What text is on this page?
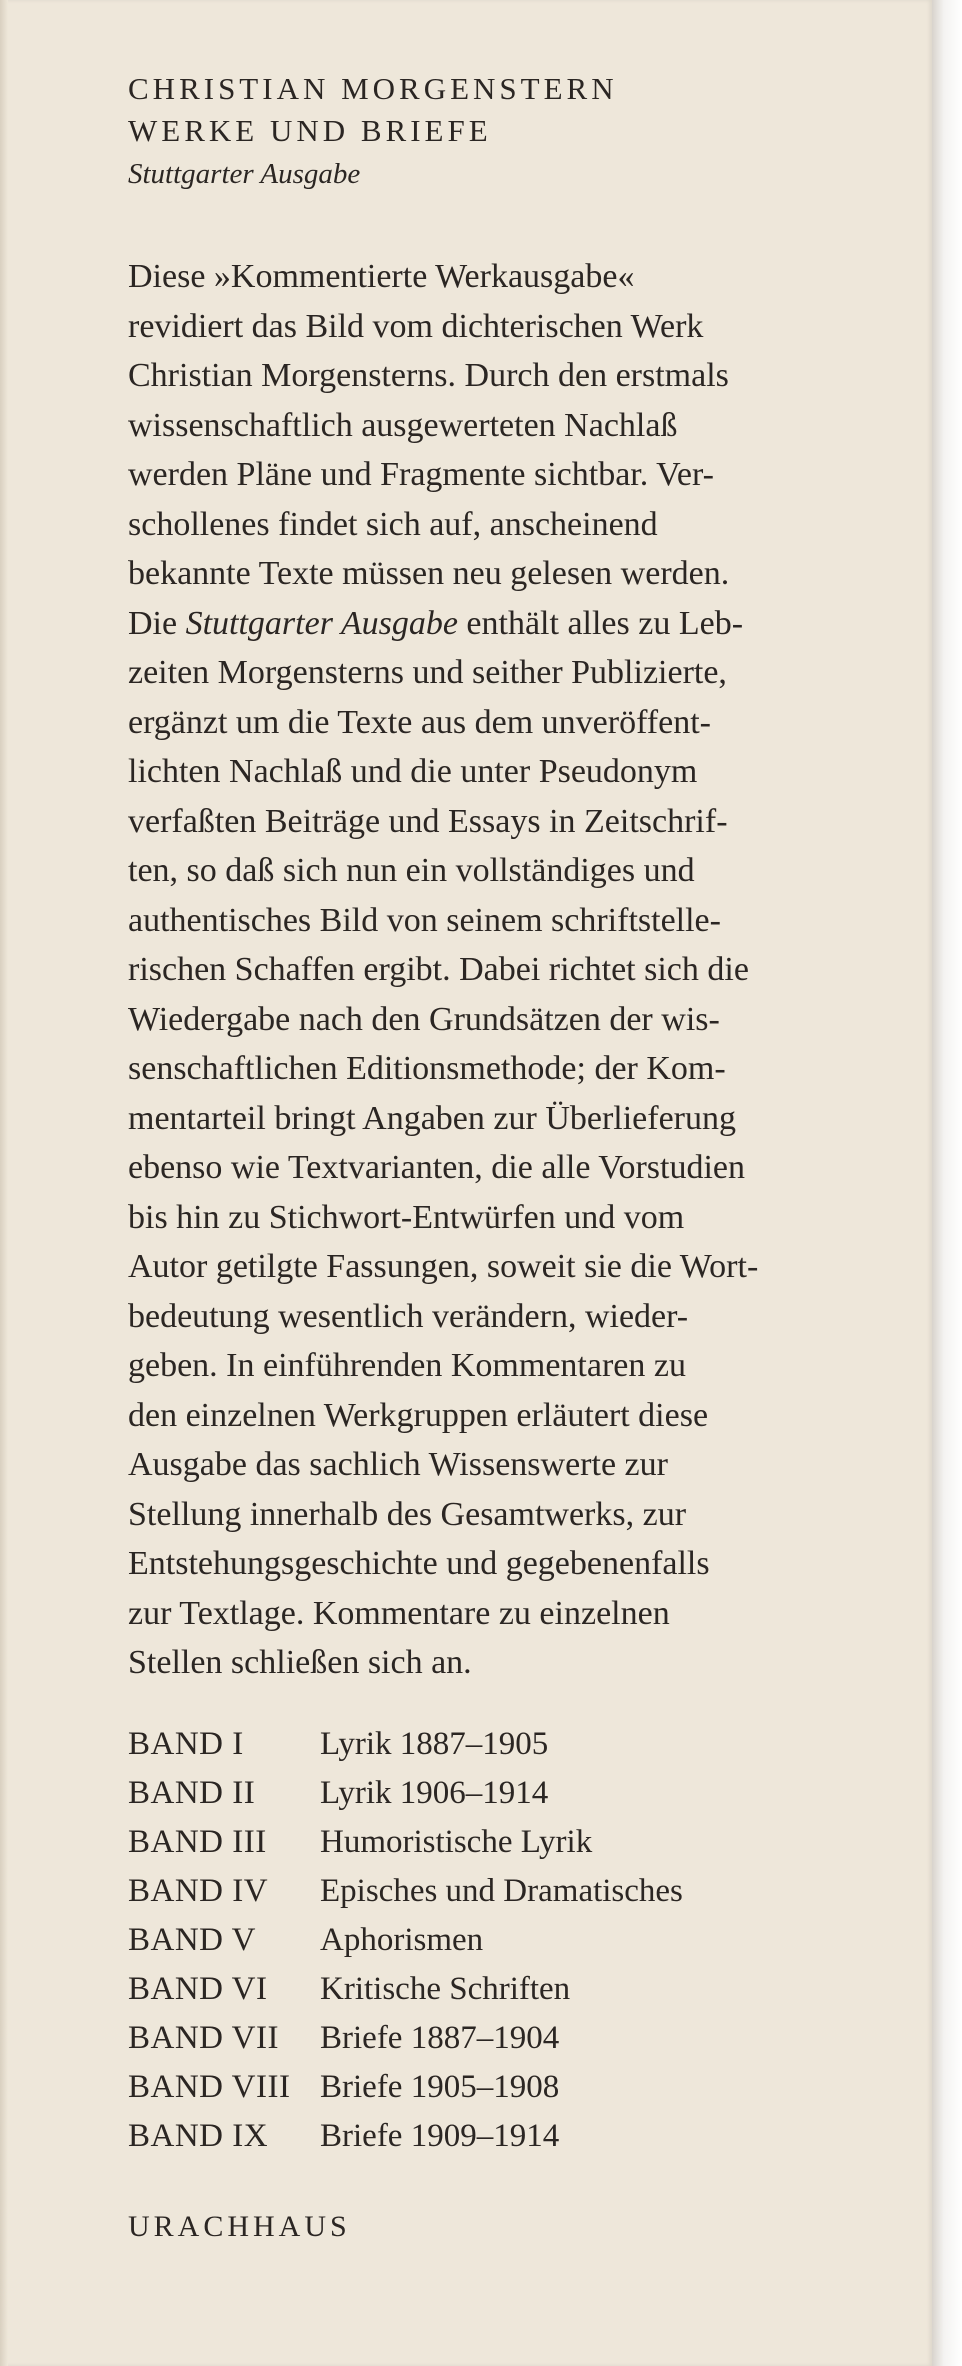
CHRISTIAN MORGENSTERN
WERKE UND BRIEFE
Stuttgarter Ausgabe
Diese »Kommentierte Werkausgabe«
revidiert das Bild vom dichterischen Werk
Christian Morgensterns. Durch den erstmals
wissenschaftlich ausgewerteten Nachlaß
werden Pläne und Fragmente sichtbar. Ver-
schollenes findet sich auf, anscheinend
bekannte Texte müssen neu gelesen werden.
Die Stuttgarter Ausgabe enthält alles zu Leb-
zeiten Morgensterns und seither Publizierte,
ergänzt um die Texte aus dem unveröffent-
lichten Nachlaß und die unter Pseudonym
verfaßten Beiträge und Essays in Zeitschrif-
ten, so daß sich nun ein vollständiges und
authentisches Bild von seinem schriftstelle-
rischen Schaffen ergibt. Dabei richtet sich die
Wiedergabe nach den Grundsätzen der wis-
senschaftlichen Editionsmethode; der Kom-
mentarteil bringt Angaben zur Überlieferung
ebenso wie Textvarianten, die alle Vorstudien
bis hin zu Stichwort-Entwürfen und vom
Autor getilgte Fassungen, soweit sie die Wort-
bedeutung wesentlich verändern, wieder-
geben. In einführenden Kommentaren zu
den einzelnen Werkgruppen erläutert diese
Ausgabe das sachlich Wissenswerte zur
Stellung innerhalb des Gesamtwerks, zur
Entstehungsgeschichte und gegebenenfalls
zur Textlage. Kommentare zu einzelnen
Stellen schließen sich an.
BAND I	Lyrik 1887–1905
BAND II	Lyrik 1906–1914
BAND III	Humoristische Lyrik
BAND IV	Episches und Dramatisches
BAND V	Aphorismen
BAND VI	Kritische Schriften
BAND VII	Briefe 1887–1904
BAND VIII Briefe 1905–1908
BAND IX	Briefe 1909–1914
URACHHAUS
